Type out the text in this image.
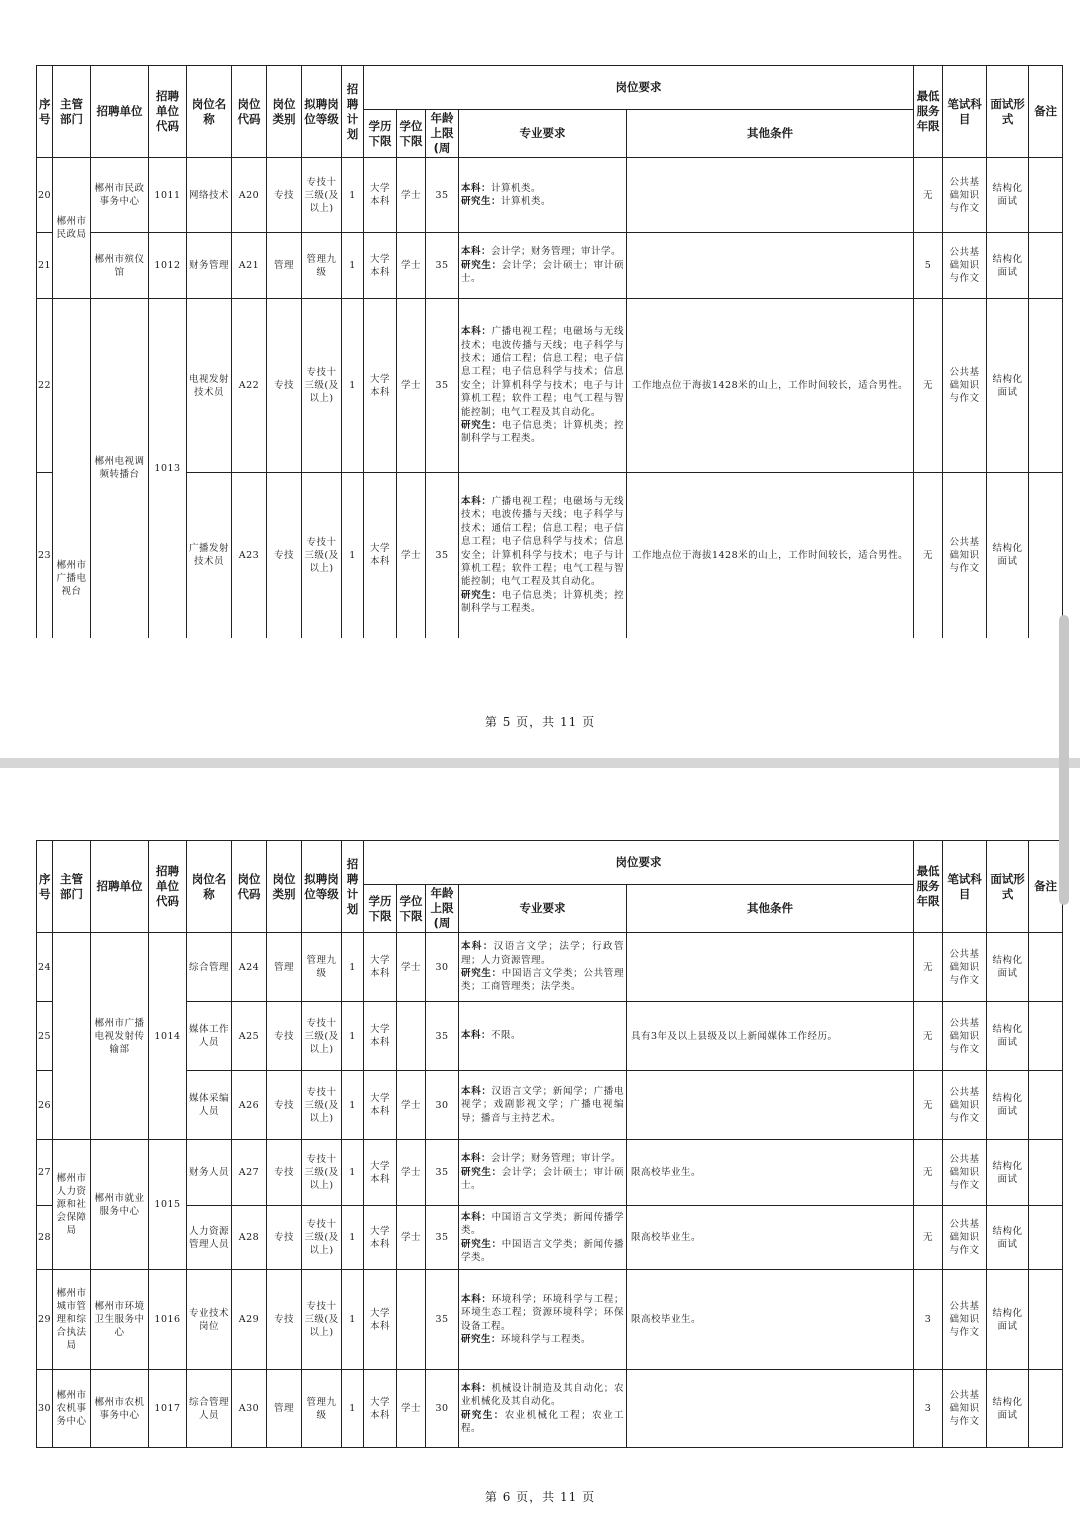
序号	主管部门	招聘单位	招聘单位代码	岗位名称	岗位代码	岗位类别	拟聘岗位等级	招聘计划	岗位要求					最低服务年限	笔试科目	面试形式	备注
									学历下限	学位下限	年龄上限(周	专业要求	其他条件				
20	郴州市民政局	郴州市民政事务中心	1011	网络技术	A20	专技	专技十三级(及以上)	1	大学本科	学士	35	本科：计算机类。
研究生：计算机类。		无	公共基础知识与作文	结构化面试	
21		郴州市殡仪馆	1012	财务管理	A21	管理	管理九级	1	大学本科	学士	35	本科：会计学；财务管理；审计学。
研究生：会计学；会计硕士；审计硕士。		5	公共基础知识与作文	结构化面试	
22	郴州市广播电视台	郴州电视调频转播台	1013	电视发射技术员	A22	专技	专技十三级(及以上)	1	大学本科	学士	35	本科：广播电视工程；电磁场与无线技术；电波传播与天线；电子科学与技术；通信工程；信息工程；电子信息工程；电子信息科学与技术；信息安全；计算机科学与技术；电子与计算机工程；软件工程；电气工程与智能控制；电气工程及其自动化。
研究生：电子信息类；计算机类；控制科学与工程类。	工作地点位于海拔1428米的山上，工作时间较长，适合男性。	无	公共基础知识与作文	结构化面试	
23				广播发射技术员	A23	专技	专技十三级(及以上)	1	大学本科	学士	35	本科：广播电视工程；电磁场与无线技术；电波传播与天线；电子科学与技术；通信工程；信息工程；电子信息工程；电子信息科学与技术；信息安全；计算机科学与技术；电子与计算机工程；软件工程；电气工程与智能控制；电气工程及其自动化。
研究生：电子信息类；计算机类；控制科学与工程类。	工作地点位于海拔1428米的山上，工作时间较长，适合男性。	无	公共基础知识与作文	结构化面试	
第 5 页，共 11 页
序号	主管部门	招聘单位	招聘单位代码	岗位名称	岗位代码	岗位类别	拟聘岗位等级	招聘计划	岗位要求					最低服务年限	笔试科目	面试形式	备注
									学历下限	学位下限	年龄上限(周	专业要求	其他条件				
24		郴州市广播电视发射传输部	1014	综合管理	A24	管理	管理九级	1	大学本科	学士	30	本科：汉语言文学；法学；行政管理；人力资源管理。
研究生：中国语言文学类；公共管理类；工商管理类；法学类。		无	公共基础知识与作文	结构化面试	
25				媒体工作人员	A25	专技	专技十三级(及以上)	1	大学本科		35	本科：不限。	具有3年及以上县级及以上新闻媒体工作经历。	无	公共基础知识与作文	结构化面试	
26				媒体采编人员	A26	专技	专技十三级(及以上)	1	大学本科	学士	30	本科：汉语言文学；新闻学；广播电视学；戏剧影视文学；广播电视编导；播音与主持艺术。		无	公共基础知识与作文	结构化面试	
27	郴州市人力资源和社会保障局	郴州市就业服务中心	1015	财务人员	A27	专技	专技十三级(及以上)	1	大学本科	学士	35	本科：会计学；财务管理；审计学。
研究生：会计学；会计硕士；审计硕士。	限高校毕业生。	无	公共基础知识与作文	结构化面试	
28				人力资源管理人员	A28	专技	专技十三级(及以上)	1	大学本科	学士	35	本科：中国语言文学类；新闻传播学类。
研究生：中国语言文学类；新闻传播学类。	限高校毕业生。	无	公共基础知识与作文	结构化面试	
29	郴州市城市管理和综合执法局	郴州市环境卫生服务中心	1016	专业技术岗位	A29	专技	专技十三级(及以上)	1	大学本科		35	本科：环境科学；环境科学与工程；环境生态工程；资源环境科学；环保设备工程。
研究生：环境科学与工程类。	限高校毕业生。	3	公共基础知识与作文	结构化面试	
30	郴州市农机事务中心	郴州市农机事务中心	1017	综合管理人员	A30	管理	管理九级	1	大学本科	学士	30	本科：机械设计制造及其自动化；农业机械化及其自动化。
研究生：农业机械化工程；农业工程。		3	公共基础知识与作文	结构化面试	
第 6 页，共 11 页
